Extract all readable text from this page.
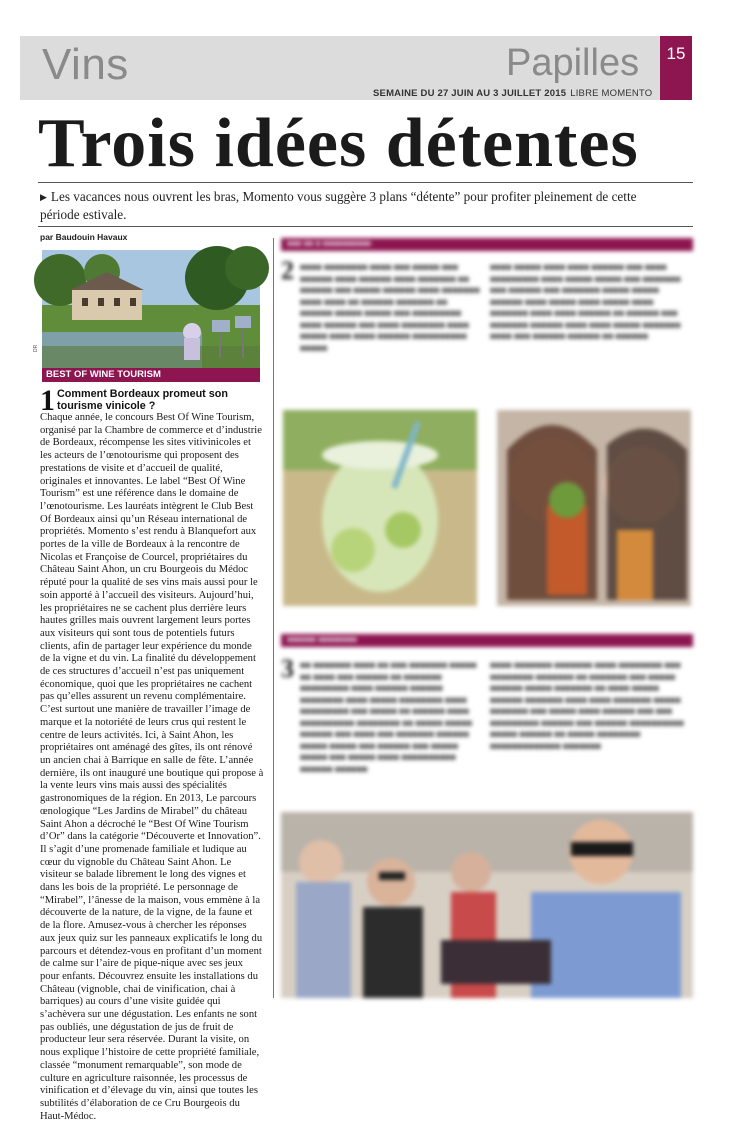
Vins	Papilles	15
SEMAINE DU 27 JUIN AU 3 JUILLET 2015 LIBRE MOMENTO
Trois idées détentes

▶ Les vacances nous ouvrent les bras, Momento vous suggère 3 plans “détente” pour profiter pleinement de cette période estivale.

par Baudouin Havaux
DR
BEST OF WINE TOURISM
1 Comment Bordeaux promeut son tourisme vinicole ?
Chaque année, le concours Best Of Wine Tourism, organisé par la Chambre de commerce et d’industrie de Bordeaux, récompense les sites vitivinicoles et les acteurs de l’œnotourisme qui proposent des prestations de visite et d’accueil de qualité, originales et innovantes. Le label “Best Of Wine Tourism” est une référence dans le domaine de l’œnotourisme. Les lauréats intègrent le Club Best Of Bordeaux ainsi qu’un Réseau international de propriétés. Momento s’est rendu à Blanquefort aux portes de la ville de Bordeaux à la rencontre de Nicolas et Françoise de Courcel, propriétaires du Château Saint Ahon, un cru Bourgeois du Médoc réputé pour la qualité de ses vins mais aussi pour le soin apporté à l’accueil des visiteurs. Aujourd’hui, les propriétaires ne se cachent plus derrière leurs hautes grilles mais ouvrent largement leurs portes aux visiteurs qui sont tous de potentiels futurs clients, afin de partager leur expérience du monde de la vigne et du vin. La finalité du développement de ces structures d’accueil n’est pas uniquement économique, quoi que les propriétaires ne cachent pas qu’elles assurent un revenu complémentaire. C’est surtout une manière de travailler l’image de marque et la notoriété de leurs crus qui restent le centre de leurs activités. Ici, à Saint Ahon, les propriétaires ont aménagé des gîtes, ils ont rénové un ancien chai à Barrique en salle de fête. L’année dernière, ils ont inauguré une boutique qui propose à la vente leurs vins mais aussi des spécialités gastronomiques de la région. En 2013, Le parcours œnologique “Les Jardins de Mirabel” du château Saint Ahon a décroché le “Best Of Wine Tourism d’Or” dans la catégorie “Découverte et Innovation”. Il s’agit d’une promenade familiale et ludique au cœur du vignoble du Château Saint Ahon. Le visiteur se balade librement le long des vignes et dans les bois de la propriété. Le personnage de “Mirabel”, l’ânesse de la maison, vous emmène à la découverte de la nature, de la vigne, de la faune et de la flore. Amusez-vous à chercher les réponses aux jeux quiz sur les panneaux explicatifs le long du parcours et détendez-vous en profitant d’un moment de calme sur l’aire de pique-nique avec ses jeux pour enfants. Découvrez ensuite les installations du Château (vignoble, chai de vinification, chai à barriques) au cours d’une visite guidée qui s’achèvera sur une dégustation. Les enfants ne sont pas oubliés, une dégustation de jus de fruit de producteur leur sera réservée. Durant la visite, on nous explique l’histoire de cette propriété familiale, classée “monument remarquable”, son mode de culture en agriculture raisonnée, les processus de vinification et d’élevage du vin, ainsi que toutes les subtilités d’élaboration de ce Cru Bourgeois du Haut-Médoc.
■■■ ■■ ■ ■■■■■■■■■■
2 ■■■■ ■■■■■■■■ ■■■■ ■■■ ■■■■■ ■■■ ■■■■■■ ■■■■ ■■■■■■ ■■■■ ■■■■■■■ ■■ ■■■■■■ ■■■ ■■■■■ ■■■■■■ ■■■■ ■■■■■■■ ■■■■ ■■■■ ■■ ■■■■■■ ■■■■■■■ ■■ ■■■■■■ ■■■■■ ■■■■■ ■■■ ■■■■■■■■■ ■■■■ ■■■■■■ ■■■ ■■■■ ■■■■■■■■ ■■■■ ■■■■■ ■■■■ ■■■■ ■■■■■■ ■■■■■■■■■■ ■■■■■
■■■■ ■■■■■ ■■■■ ■■■■ ■■■■■■ ■■■ ■■■■ ■■■■■■■■■ ■■■■ ■■■■■ ■■■■■ ■■■ ■■■■■■■ ■■■ ■■■■■■ ■■■ ■■■■■■■ ■■■■■ ■■■■■ ■■■■■■ ■■■■ ■■■■■ ■■■■ ■■■■■ ■■■■ ■■■■■■■ ■■■■ ■■■■ ■■■■■■ ■■ ■■■■■■ ■■■ ■■■■■■■ ■■■■■■ ■■■■ ■■■■ ■■■■■ ■■■■■■■ ■■■■ ■■■ ■■■■■■ ■■■■■■ ■■ ■■■■■■
■■■■■■ ■■■■■■■■
3 ■■ ■■■■■■■ ■■■■ ■■ ■■■ ■■■■■■■ ■■■■■ ■■ ■■■■ ■■■ ■■■■■■ ■■ ■■■■■■■ ■■■■■■■■■ ■■■■ ■■■■■■ ■■■■■■ ■■■■■■■■ ■■■■ ■■■■■ ■■■■■■■■ ■■■■ ■■■■■■■■■ ■■■ ■■■■■ ■■ ■■■■■■ ■■■■ ■■■■■■■■■■ ■■■■■■■■ ■■ ■■■■■ ■■■■■ ■■■■■■ ■■■ ■■■■ ■■■ ■■■■■■■ ■■■■■■ ■■■■■ ■■■■■ ■■■ ■■■■■■ ■■■ ■■■■■ ■■■■■ ■■■ ■■■■■ ■■■■ ■■■■■■■■■■ ■■■■■■ ■■■■■■
■■■■ ■■■■■■■ ■■■■■■■ ■■■■ ■■■■■■■■ ■■■ ■■■■■■■■ ■■■■■■■ ■■ ■■■■■■■ ■■■ ■■■■■ ■■■■■■ ■■■■■ ■■■■■■■ ■■ ■■■■ ■■■■■ ■■■■■■ ■■■■■■■ ■■■■ ■■■■ ■■■■■■■ ■■■■■ ■■■■■■■ ■■■ ■■■■■ ■■■■ ■■■■■■ ■■■ ■■■ ■■■■■■■■■ ■■■■■■ ■■■ ■■■■■■ ■■■■■■■■■■ ■■■■■ ■■■■■■ ■■ ■■■■■ ■■■■■■■■ ■■■■■■■■■■■■■ ■■■■■■■
